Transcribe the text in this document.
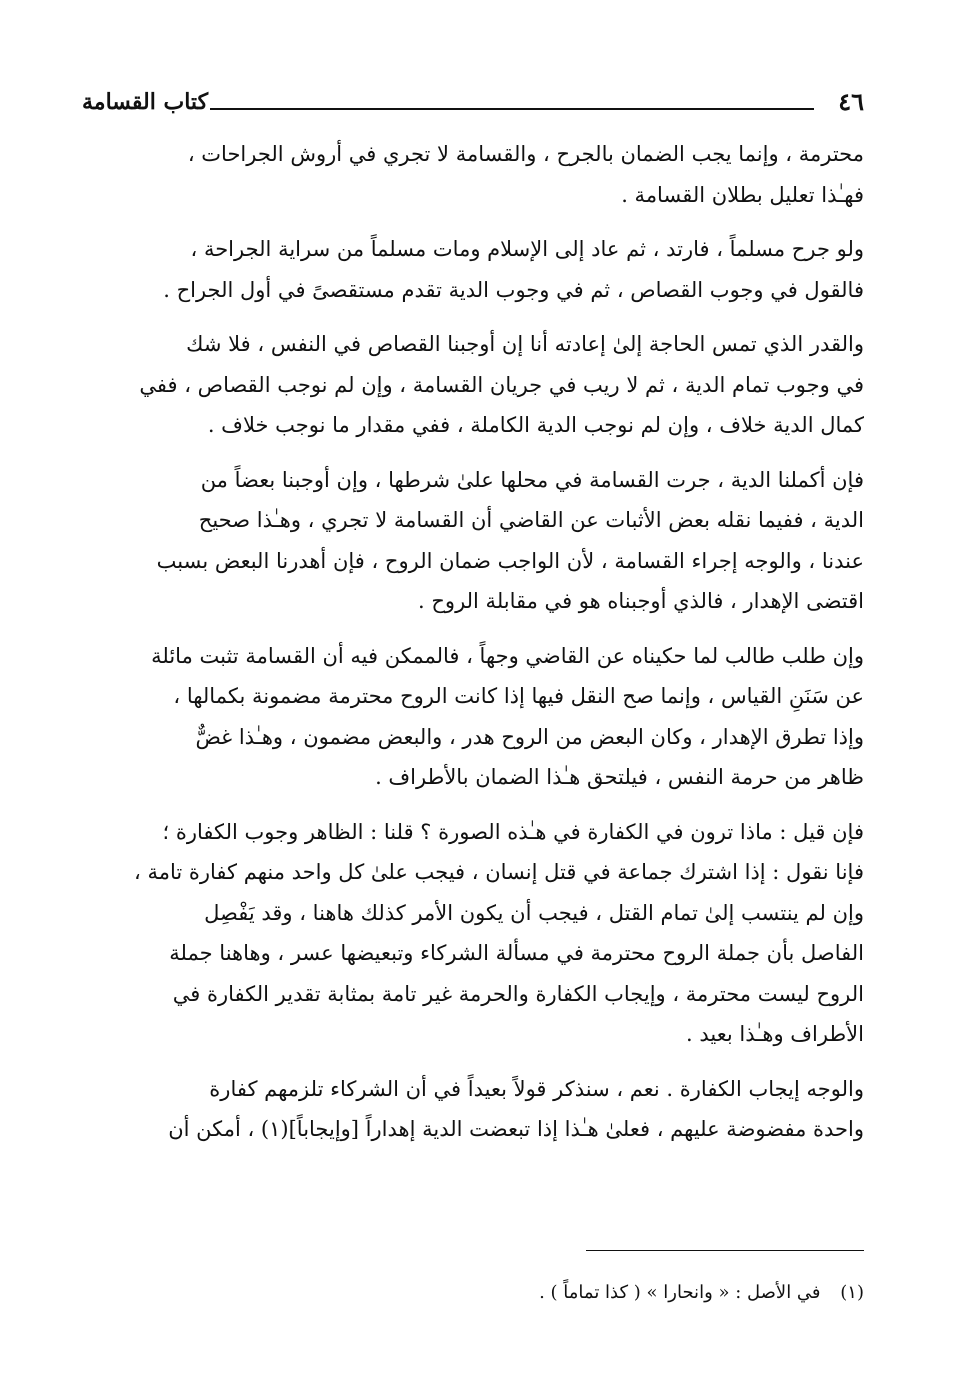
٤٦
كتاب القسامة
محترمة ، وإنما يجب الضمان بالجرح ، والقسامة لا تجري في أروش الجراحات ،
فهـٰذا تعليل بطلان القسامة .
ولو جرح مسلماً ، فارتد ، ثم عاد إلى الإسلام ومات مسلماً من سراية الجراحة ،
فالقول في وجوب القصاص ، ثم في وجوب الدية تقدم مستقصىً في أول الجراح .
والقدر الذي تمس الحاجة إلىٰ إعادته أنا إن أوجبنا القصاص في النفس ، فلا شك
في وجوب تمام الدية ، ثم لا ريب في جريان القسامة ، وإن لم نوجب القصاص ، ففي
كمال الدية خلاف ، وإن لم نوجب الدية الكاملة ، ففي مقدار ما نوجب خلاف .
فإن أكملنا الدية ، جرت القسامة في محلها علىٰ شرطها ، وإن أوجبنا بعضاً من
الدية ، ففيما نقله بعض الأثبات عن القاضي أن القسامة لا تجري ، وهـٰذا صحيح
عندنا ، والوجه إجراء القسامة ، لأن الواجب ضمان الروح ، فإن أهدرنا البعض بسبب
اقتضى الإهدار ، فالذي أوجبناه هو في مقابلة الروح .
وإن طلب طالب لما حكيناه عن القاضي وجهاً ، فالممكن فيه أن القسامة تثبت مائلة
عن سَنَنِ القياس ، وإنما صح النقل فيها إذا كانت الروح محترمة مضمونة بكمالها ،
وإذا تطرق الإهدار ، وكان البعض من الروح هدر ، والبعض مضمون ، وهـٰذا غضٌّ
ظاهر من حرمة النفس ، فيلتحق هـٰذا الضمان بالأطراف .
فإن قيل : ماذا ترون في الكفارة في هـٰذه الصورة ؟ قلنا : الظاهر وجوب الكفارة ؛
فإنا نقول : إذا اشترك جماعة في قتل إنسان ، فيجب علىٰ كل واحد منهم كفارة تامة ،
وإن لم ينتسب إلىٰ تمام القتل ، فيجب أن يكون الأمر كذلك هاهنا ، وقد يَفْصِل
الفاصل بأن جملة الروح محترمة في مسألة الشركاء وتبعيضها عسر ، وهاهنا جملة
الروح ليست محترمة ، وإيجاب الكفارة والحرمة غير تامة بمثابة تقدير الكفارة في
الأطراف وهـٰذا بعيد .
والوجه إيجاب الكفارة . نعم ، سنذكر قولاً بعيداً في أن الشركاء تلزمهم كفارة
واحدة مفضوضة عليهم ، فعلىٰ هـٰذا إذا تبعضت الدية إهداراً [وإيجاباً](١) ، أمكن أن
(١) في الأصل : « وانحارا » ( كذا تماماً ) .
